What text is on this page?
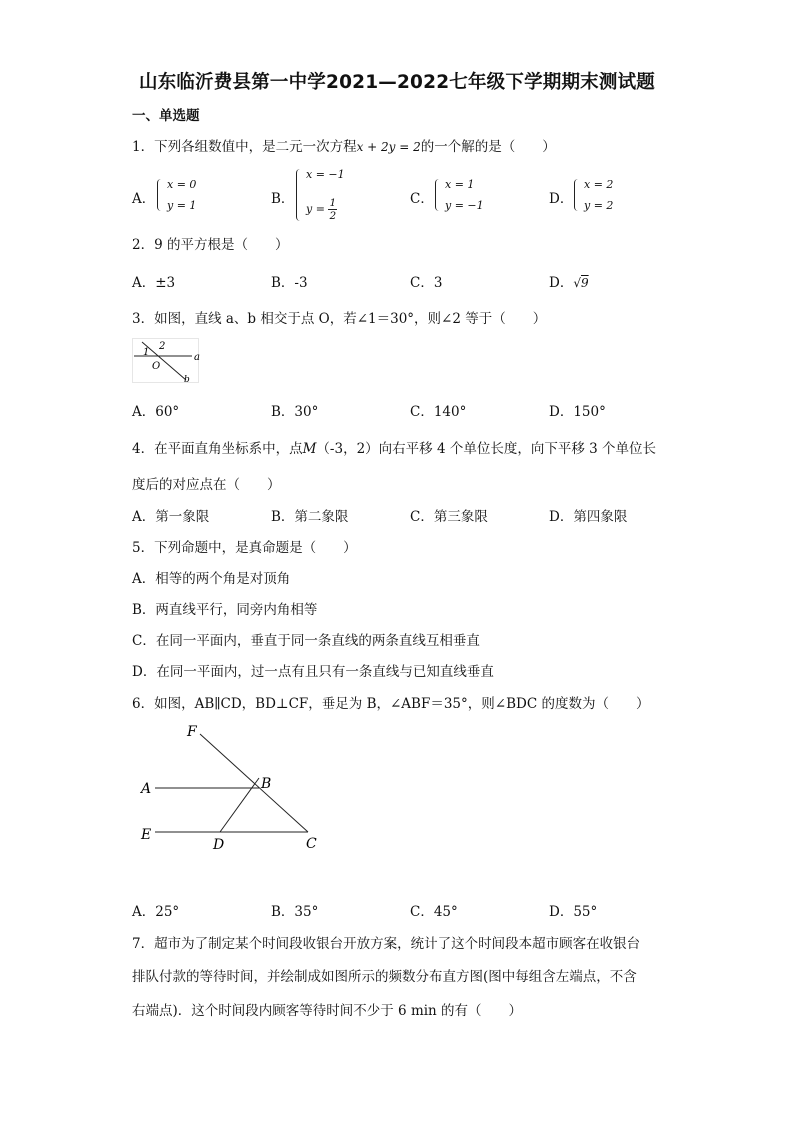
山东临沂费县第一中学2021—2022七年级下学期期末测试题
一、单选题
1．下列各组数值中，是二元一次方程x + 2y = 2的一个解的是（　　）
A．
x = 0
y = 1	B．
x = −1
$y = \frac{1}{2}$	C．
x = 1
y = −1	D．
x = 2
y = 2
2．9 的平方根是（　　）
A．±3	B．-3	C．3	D．√9
3．如图，直线 a、b 相交于点 O，若∠1＝30°，则∠2 等于（　　）
1
2
a
b
O
A．60°	B．30°	C．140°	D．150°
4．在平面直角坐标系中，点M（-3，2）向右平移 4 个单位长度，向下平移 3 个单位长
度后的对应点在（　　）
A．第一象限	B．第二象限	C．第三象限	D．第四象限
5．下列命题中，是真命题是（　　）
A．相等的两个角是对顶角
B．两直线平行，同旁内角相等
C．在同一平面内，垂直于同一条直线的两条直线互相垂直
D．在同一平面内，过一点有且只有一条直线与已知直线垂直
6．如图，AB∥CD，BD⊥CF，垂足为 B，∠ABF＝35°，则∠BDC 的度数为（　　）
F
A	B
E
D	C
A．25°	B．35°	C．45°	D．55°
7．超市为了制定某个时间段收银台开放方案，统计了这个时间段本超市顾客在收银台
排队付款的等待时间，并绘制成如图所示的频数分布直方图(图中每组含左端点，不含
右端点)．这个时间段内顾客等待时间不少于 6 min 的有（　　）
